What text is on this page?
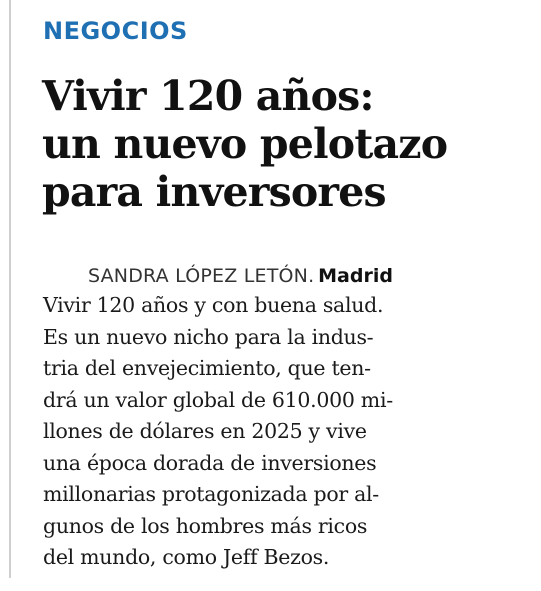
NEGOCIOS
Vivir 120 años:
un nuevo pelotazo
para inversores
SANDRA LÓPEZ LETÓN. Madrid
Vivir 120 años y con buena salud.
Es un nuevo nicho para la indus-
tria del envejecimiento, que ten-
drá un valor global de 610.000 mi-
llones de dólares en 2025 y vive
una época dorada de inversiones
millonarias protagonizada por al-
gunos de los hombres más ricos
del mundo, como Jeff Bezos.
